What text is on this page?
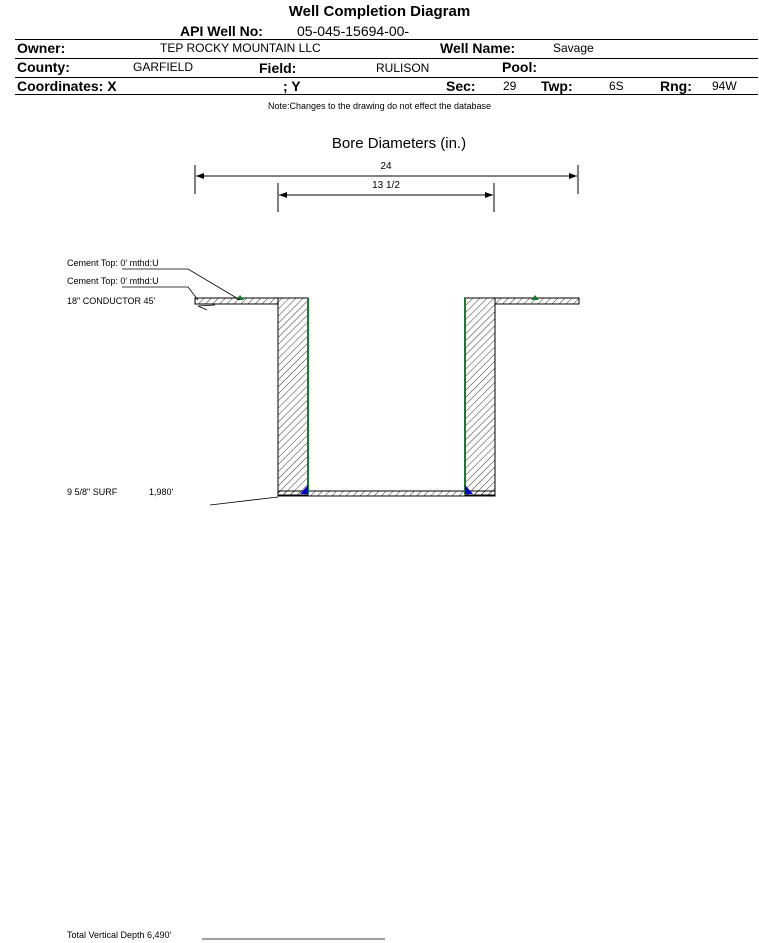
Well Completion Diagram
API Well No: 05-045-15694-00-
Owner:	TEP ROCKY MOUNTAIN LLC	Well Name:	Savage
County:	GARFIELD	Field:	RULISON	Pool:
Coordinates: X	; Y	Sec: 29 Twp:	6S	Rng: 94W
Note:Changes to the drawing do not effect the database
Bore Diameters (in.)
24
13 1/2
Cement Top: 0' mthd:U
Cement Top: 0' mthd:U
18" CONDUCTOR 45'
9 5/8" SURF	1,980'
Total Vertical Depth 6,490'
